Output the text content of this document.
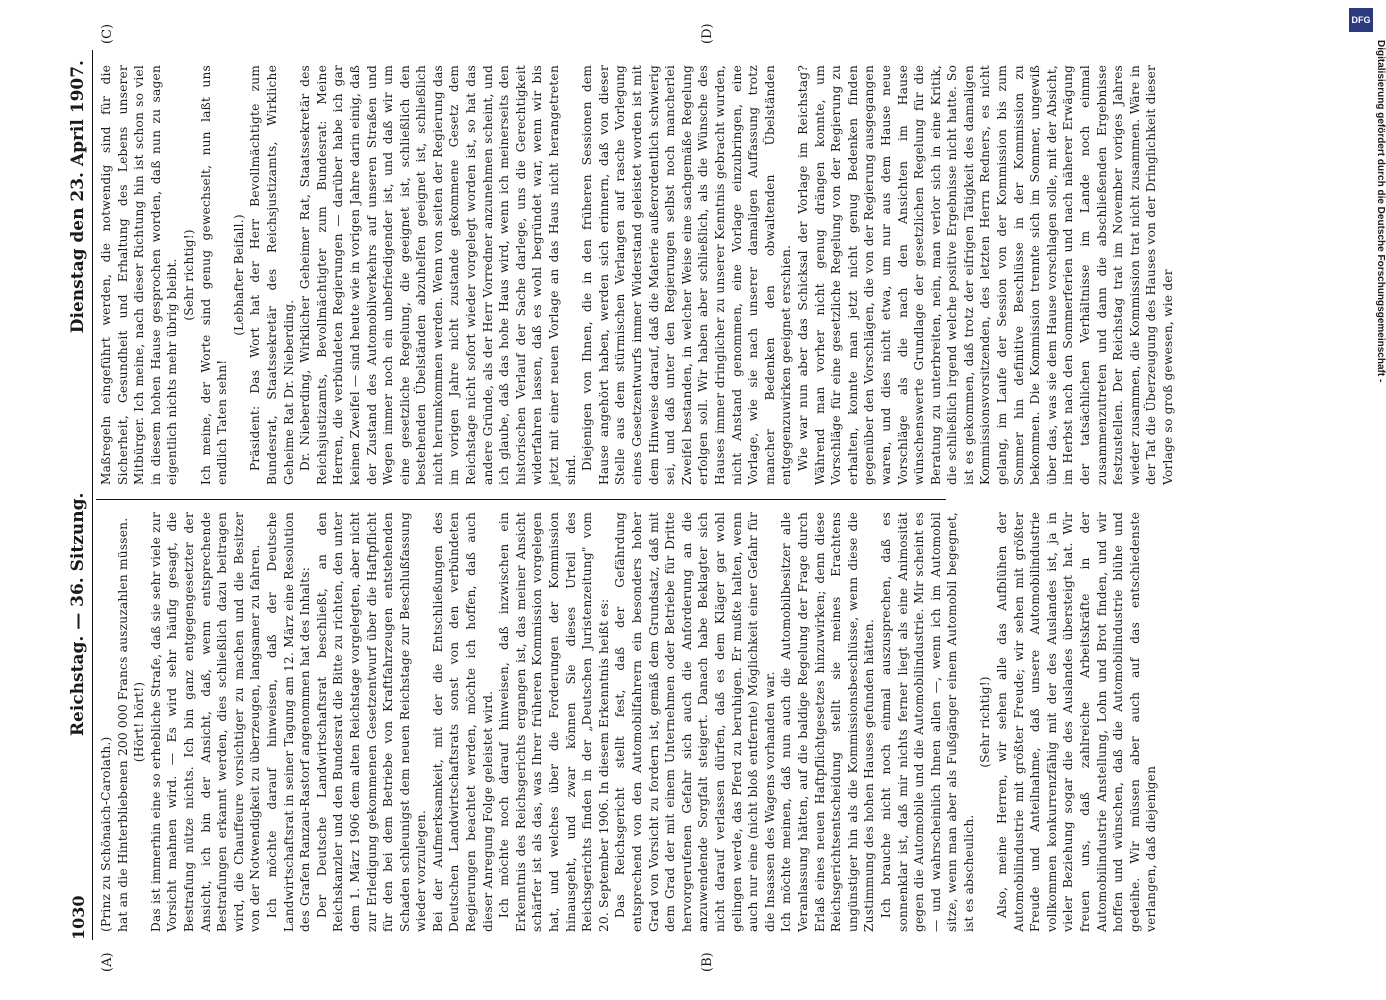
DFG
Digitalisierung gefördert durch die Deutsche Forschungsgemeinschaft -
1030
Reichstag. — 36. Sitzung.
Dienstag den 23. April 1907.
(A)	(B)
(C)	(D)

(Prinz zu Schönaich-Carolath.) hat an die Hinterbliebenen 200 000 Francs auszuzahlen müssen. (Hört! hört!) Das ist immerhin eine so erhebliche Strafe, daß sie sehr viele zur Vorsicht mahnen wird. — Es wird sehr häufig gesagt, die Bestrafung nütze nichts. Ich bin ganz entgegengesetzter der Ansicht, ich bin der Ansicht, daß, wenn entsprechende Bestrafungen erkannt werden, dies schließlich dazu beitragen wird, die Chauffeure vorsichtiger zu machen und die Besitzer von der Notwendigkeit zu überzeugen, langsamer zu fahren. Ich möchte darauf hinweisen, daß der Deutsche Landwirtschaftsrat in seiner Tagung am 12. März eine Resolution des Grafen Ranzau-Rastorf angenommen hat des Inhalts: Der Deutsche Landwirtschaftsrat beschließt, an den Reichskanzler und den Bundesrat die Bitte zu richten, den unter dem 1. März 1906 dem alten Reichstage vorgelegten, aber nicht zur Erledigung gekommenen Gesetzentwurf über die Haftpflicht für den bei dem Betriebe von Kraftfahrzeugen entstehenden Schaden schleunigst dem neuen Reichstage zur Beschlußfassung wieder vorzulegen. Bei der Aufmerksamkeit, mit der die Entschließungen des Deutschen Landwirtschaftsrats sonst von den verbündeten Regierungen beachtet werden, möchte ich hoffen, daß auch dieser Anregung Folge geleistet wird. Ich möchte noch darauf hinweisen, daß inzwischen ein Erkenntnis des Reichsgerichts ergangen ist, das meiner Ansicht schärfer ist als das, was Ihrer früheren Kommission vorgelegen hat, und welches über die Forderungen der Kommission hinausgeht, und zwar können Sie dieses Urteil des Reichsgerichts finden in der „Deutschen Juristenzeitung" vom 20. September 1906. In diesem Erkenntnis heißt es: Das Reichsgericht stellt fest, daß der Gefährdung entsprechend von den Automobilfahrern ein besonders hoher Grad von Vorsicht zu fordern ist, gemäß dem Grundsatz, daß mit dem Grad der mit einem Unternehmen oder Betriebe für Dritte hervorgerufenen Gefahr sich auch die Anforderung an die anzuwendende Sorgfalt steigert. Danach habe Beklagter sich nicht darauf verlassen dürfen, daß es dem Kläger gar wohl gelingen werde, das Pferd zu beruhigen. Er mußte halten, wenn auch nur eine (nicht bloß entfernte) Möglichkeit einer Gefahr für die Insassen des Wagens vorhanden war. Ich möchte meinen, daß nun auch die Automobilbesitzer alle Veranlassung hätten, auf die baldige Regelung der Frage durch Erlaß eines neuen Haftpflichtgesetzes hinzuwirken; denn diese Reichsgerichtsentscheidung stellt sie meines Erachtens ungünstiger hin als die Kommissionsbeschlüsse, wenn diese die Zustimmung des hohen Hauses gefunden hätten. Ich brauche nicht noch einmal auszusprechen, daß es sonnenklar ist, daß mir nichts ferner liegt als eine Animosität gegen die Automobile und die Automobilindustrie. Mir scheint es — und wahrscheinlich Ihnen allen —, wenn ich im Automobil sitze, wenn man aber als Fußgänger einem Automobil begegnet, ist es abscheulich.

(Sehr richtig!) Also, meine Herren, wir sehen alle das Aufblühen der Automobilindustrie mit größter Freude; wir sehen mit größter Freude und Anteilnahme, daß unsere Automobilindustrie vollkommen konkurrenzfähig mit der des Auslandes ist, ja in vieler Beziehung sogar die des Auslandes übersteigt hat. Wir freuen uns, daß zahlreiche Arbeitskräfte in der Automobilindustrie Anstellung, Lohn und Brot finden, und wir hoffen und wünschen, daß die Automobilindustrie blühe und gedeihe. Wir müssen aber auch auf das entschiedenste verlangen, daß diejenigen

Maßregeln eingeführt werden, die notwendig sind für die Sicherheit, Gesundheit und Erhaltung des Lebens unserer Mitbürger. Ich meine, nach dieser Richtung hin ist schon so viel in diesem hohen Hause gesprochen worden, daß nun zu sagen eigentlich nichts mehr übrig bleibt. (Sehr richtig!) Ich meine, der Worte sind genug gewechselt, nun laßt uns endlich Taten sehn!

(Lebhafter Beifall.) Präsident: Das Wort hat der Herr Bevollmächtigte zum Bundesrat, Staatssekretär des Reichsjustizamts, Wirkliche Geheime Rat Dr. Nieberding. Dr. Nieberding, Wirklicher Geheimer Rat, Staatssekretär des Reichsjustizamts, Bevollmächtigter zum Bundesrat: Meine Herren, die verbündeten Regierungen — darüber habe ich gar keinen Zweifel — sind heute wie in vorigen Jahre darin einig, daß der Zustand des Automobilverkehrs auf unseren Straßen und Wegen immer noch ein unbefriedigender ist, und daß wir um eine gesetzliche Regelung, die geeignet ist, schließlich den bestehenden Übelständen abzuhelfen geeignet ist, schließlich nicht herumkommen werden. Wenn von seiten der Regierung das im vorigen Jahre nicht zustande gekommene Gesetz dem Reichstage nicht sofort wieder vorgelegt worden ist, so hat das andere Gründe, als der Herr Vorredner anzunehmen scheint, und ich glaube, daß das hohe Haus wird, wenn ich meinerseits den historischen Verlauf der Sache darlege, uns die Gerechtigkeit widerfahren lassen, daß es wohl begründet war, wenn wir bis jetzt mit einer neuen Vorlage an das Haus nicht herangetreten sind. Diejenigen von Ihnen, die in den früheren Sessionen dem Hause angehört haben, werden sich erinnern, daß von dieser Stelle aus dem stürmischen Verlangen auf rasche Vorlegung eines Gesetzentwurfs immer Widerstand geleistet worden ist mit dem Hinweise darauf, daß die Materie außerordentlich schwierig sei, und daß unter den Regierungen selbst noch mancherlei Zweifel bestanden, in welcher Weise eine sachgemäße Regelung erfolgen soll. Wir haben aber schließlich, als die Wünsche des Hauses immer dringlicher zu unserer Kenntnis gebracht wurden, nicht Anstand genommen, eine Vorlage einzubringen, eine Vorlage, wie sie nach unserer damaligen Auffassung trotz mancher Bedenken den obwaltenden Übelständen entgegenzuwirken geeignet erschien. Wie war nun aber das Schicksal der Vorlage im Reichstag? Während man vorher nicht genug drängen konnte, um Vorschläge für eine gesetzliche Regelung von der Regierung zu erhalten, konnte man jetzt nicht genug Bedenken finden gegenüber den Vorschlägen, die von der Regierung ausgegangen waren, und dies nicht etwa, um nur aus dem Hause neue Vorschläge als die nach den Ansichten im Hause wünschenswerte Grundlage der gesetzlichen Regelung für die Beratung zu unterbreiten, nein, man verlor sich in eine Kritik, die schließlich irgend welche positive Ergebnisse nicht hatte. So ist es gekommen, daß trotz der eifrigen Tätigkeit des damaligen Kommissionsvorsitzenden, des letzten Herrn Redners, es nicht gelang, im Laufe der Session von der Kommission bis zum Sommer hin definitive Beschlüsse in der Kommission zu bekommen. Die Kommission trennte sich im Sommer, ungewiß über das, was sie dem Hause vorschlagen solle, mit der Absicht, im Herbst nach den Sommerferien und nach näherer Erwägung der tatsächlichen Verhältnisse im Lande noch einmal zusammenzutreten und dann die abschließenden Ergebnisse festzustellen. Der Reichstag trat im November voriges Jahres wieder zusammen, die Kommission trat nicht zusammen. Wäre in der Tat die Überzeugung des Hauses von der Dringlichkeit dieser Vorlage so groß gewesen, wie der
